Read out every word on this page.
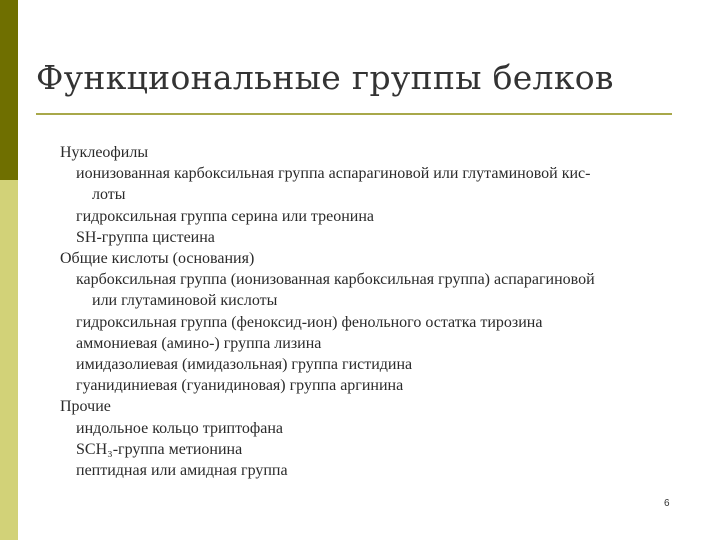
Функциональные группы белков
Нуклеофилы
ионизованная карбоксильная группа аспарагиновой или глутаминовой кис-
лоты
гидроксильная группа серина или треонина
SH-группа цистеина
Общие кислоты (основания)
карбоксильная группа (ионизованная карбоксильная группа) аспарагиновой
или глутаминовой кислоты
гидроксильная группа (феноксид-ион) фенольного остатка тирозина
аммониевая (амино-) группа лизина
имидазолиевая (имидазольная) группа гистидина
гуанидиниевая (гуанидиновая) группа аргинина
Прочие
индольное кольцо триптофана
SCH₃-группа метионина
пептидная или амидная группа
6
